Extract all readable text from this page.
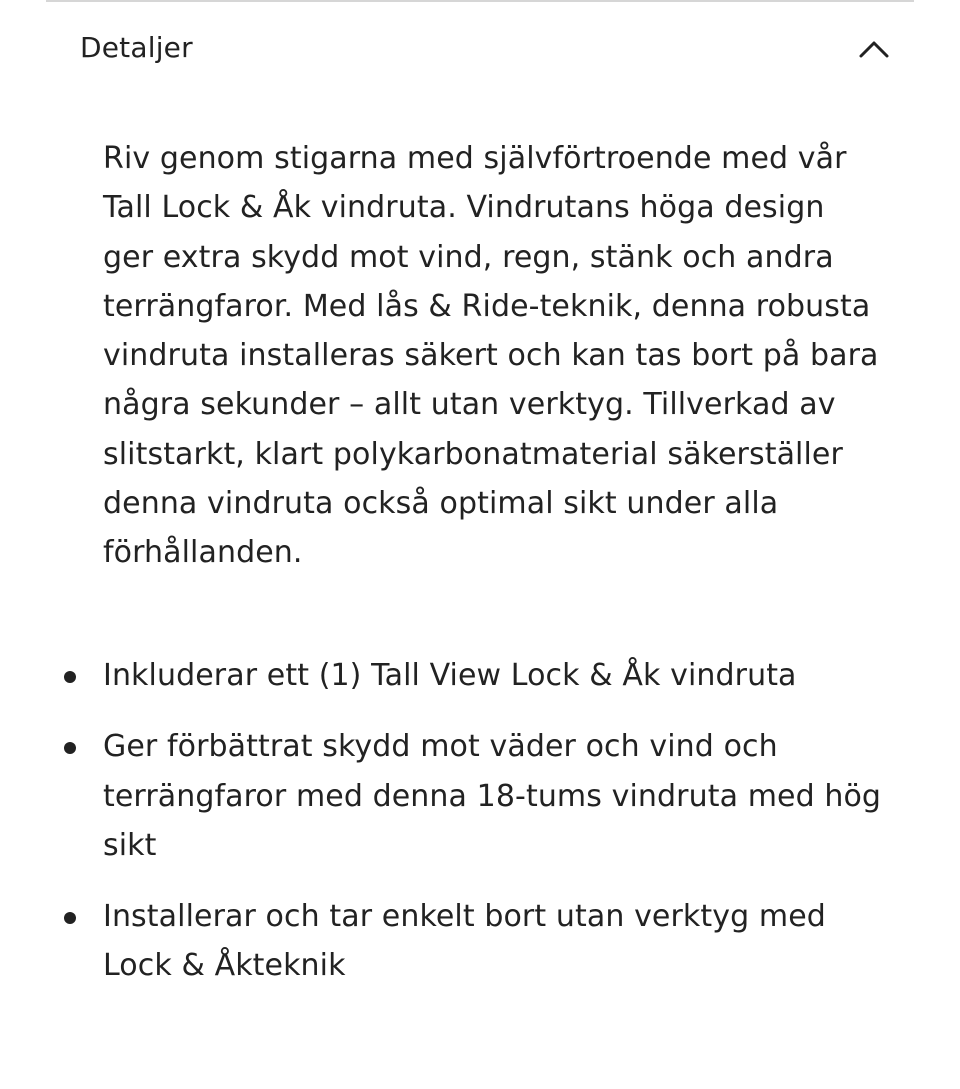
Detaljer

Riv genom stigarna med självförtroende med vår Tall Lock & Åk vindruta. Vindrutans höga design ger extra skydd mot vind, regn, stänk och andra terrängfaror. Med lås & Ride-teknik, denna robusta vindruta installeras säkert och kan tas bort på bara några sekunder – allt utan verktyg. Tillverkad av slitstarkt, klart polykarbonatmaterial säkerställer denna vindruta också optimal sikt under alla förhållanden.

Inkluderar ett (1) Tall View Lock & Åk vindruta
Ger förbättrat skydd mot väder och vind och terrängfaror med denna 18-tums vindruta med hög sikt
Installerar och tar enkelt bort utan verktyg med Lock & Åkteknik
